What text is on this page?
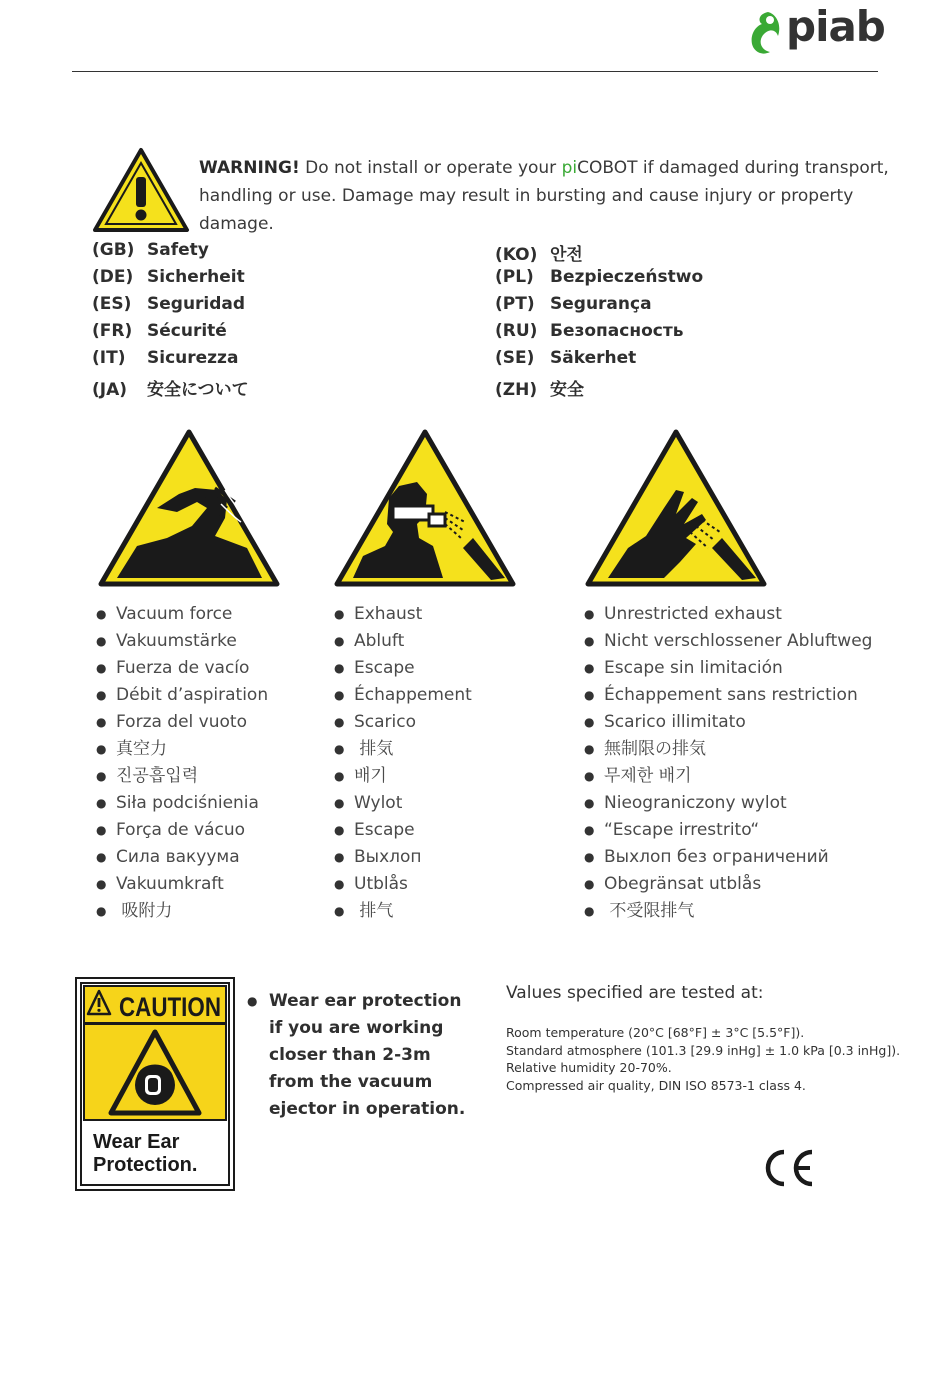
piab
WARNING! Do not install or operate your piCOBOT if damaged during transport, handling or use. Damage may result in bursting and cause injury or property damage.
(GB) Safety
(DE) Sicherheit
(ES) Seguridad
(FR) Sécurité
(IT) Sicurezza
(JA) 安全について
(KO) 안전
(PL) Bezpieczeństwo
(PT) Segurança
(RU) Безопасность
(SE) Säkerhet
(ZH) 安全
● Vacuum force
● Vakuumstärke
● Fuerza de vacío
● Débit d’aspiration
● Forza del vuoto
● 真空力
● 진공흡입력
● Siła podciśnienia
● Força de vácuo
● Сила вакуума
● Vakuumkraft
● 吸附力
● Exhaust
● Abluft
● Escape
● Échappement
● Scarico
● 排気
● 배기
● Wylot
● Escape
● Выхлоп
● Utblås
● 排气
● Unrestricted exhaust
● Nicht verschlossener Abluftweg
● Escape sin limitación
● Échappement sans restriction
● Scarico illimitato
● 無制限の排気
● 무제한 배기
● Nieograniczony wylot
● “Escape irrestrito“
● Выхлоп без ограничений
● Obegränsat utblås
● 不受限排气
CAUTION
Wear Ear
Protection.
● Wear ear protection if you are working closer than 2-3m from the vacuum ejector in operation.
Values specified are tested at:
Room temperature (20°C [68°F] ± 3°C [5.5°F]).
Standard atmosphere (101.3 [29.9 inHg] ± 1.0 kPa [0.3 inHg]).
Relative humidity 20-70%.
Compressed air quality, DIN ISO 8573-1 class 4.
